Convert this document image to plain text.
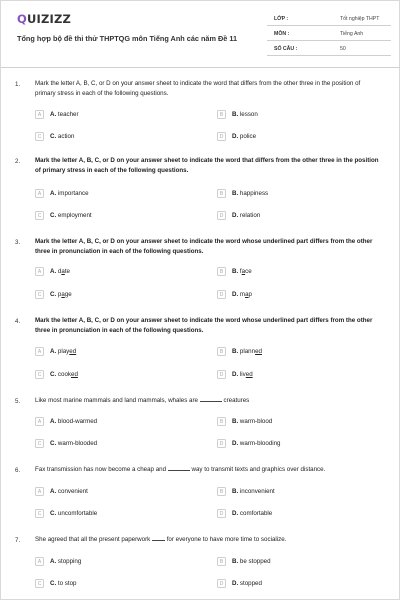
QUIZIZZ
Tổng hợp bộ đề thi thử THPTQG môn Tiếng Anh các năm Đề 11
LỚP :	Tốt nghiệp THPT
MÔN :	Tiếng Anh
SỐ CÂU :	50
1. Mark the letter A, B, C, or D on your answer sheet to indicate the word that differs from the other three in the position of primary stress in each of the following questions.
A	A. teacher	B	B. lesson
C	C. action	D	D. police
2. Mark the letter A, B, C, or D on your answer sheet to indicate the word that differs from the other three in the position of primary stress in each of the following questions.
A	A. importance	B	B. happiness
C	C. employment	D	D. relation
3. Mark the letter A, B, C, or D on your answer sheet to indicate the word whose underlined part differs from the other three in pronunciation in each of the following questions.
A	A. date	B	B. face
C	C. page	D	D. map
4. Mark the letter A, B, C, or D on your answer sheet to indicate the word whose underlined part differs from the other three in pronunciation in each of the following questions.
A	A. played	B	B. planned
C	C. cooked	D	D. lived
5. Like most marine mammals and land mammals, whales are	creatures
A	A. blood-warmed	B	B. warm-blood
C	C. warm-blooded	D	D. warm-blooding
6. Fax transmission has now become a cheap and	way to transmit texts and graphics over distance.
A	A. convenient	B	B. inconvenient
C	C. uncomfortable	D	D. comfortable
7. She agreed that all the present paperwork	for everyone to have more time to socialize.
A	A. stopping	B	B. be stopped
C	C. to stop	D	D. stopped
